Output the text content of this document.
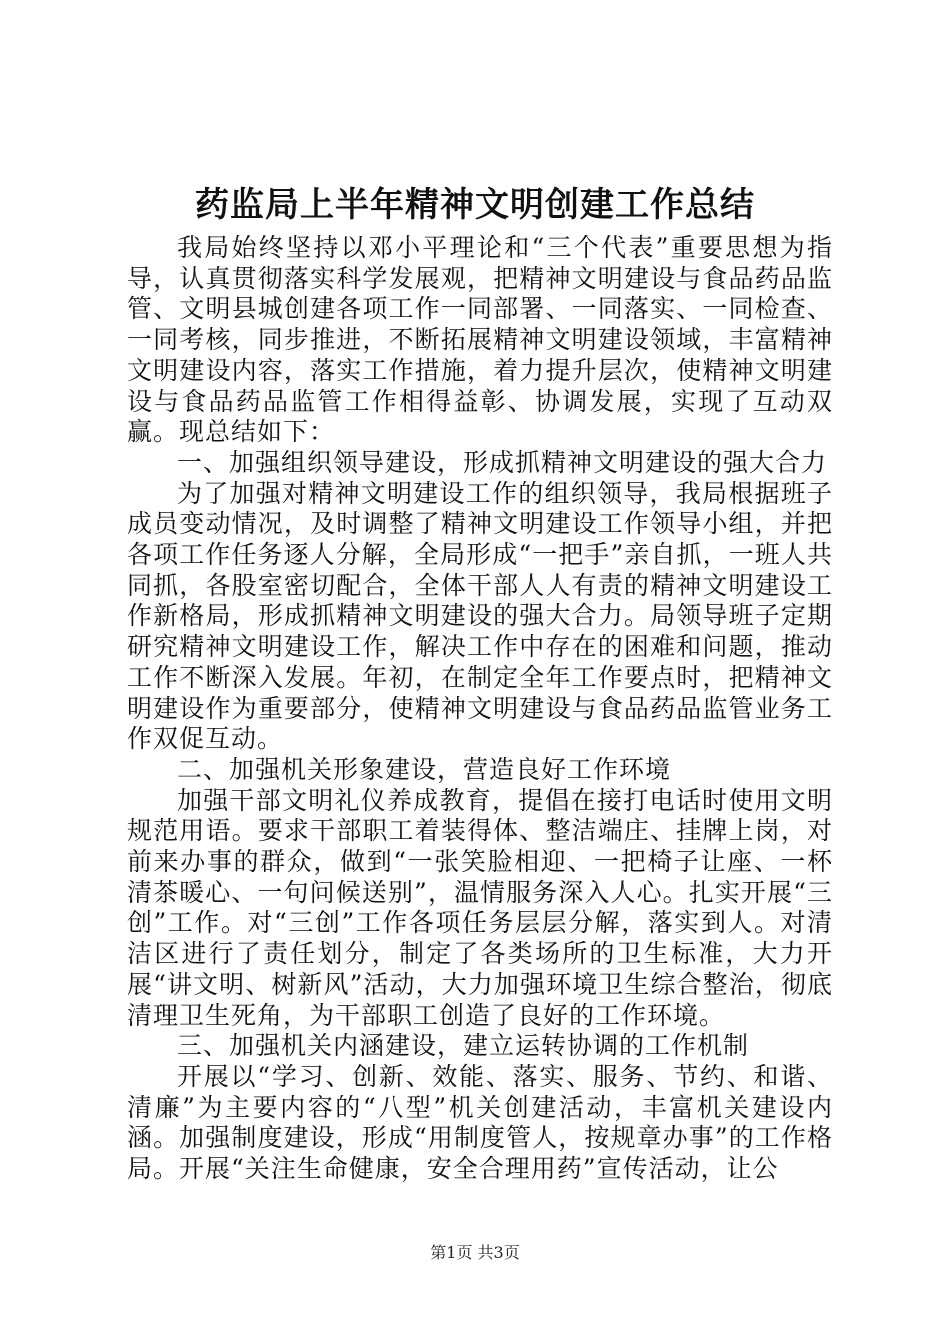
药监局上半年精神文明创建工作总结

我局始终坚持以邓小平理论和“三个代表”重要思想为指导，认真贯彻落实科学发展观，把精神文明建设与食品药品监管、文明县城创建各项工作一同部署、一同落实、一同检查、一同考核，同步推进，不断拓展精神文明建设领域，丰富精神文明建设内容，落实工作措施，着力提升层次，使精神文明建设与食品药品监管工作相得益彰、协调发展，实现了互动双赢。现总结如下：

一、加强组织领导建设，形成抓精神文明建设的强大合力

为了加强对精神文明建设工作的组织领导，我局根据班子成员变动情况，及时调整了精神文明建设工作领导小组，并把各项工作任务逐人分解，全局形成“一把手”亲自抓，一班人共同抓，各股室密切配合，全体干部人人有责的精神文明建设工作新格局，形成抓精神文明建设的强大合力。局领导班子定期研究精神文明建设工作，解决工作中存在的困难和问题，推动工作不断深入发展。年初，在制定全年工作要点时，把精神文明建设作为重要部分，使精神文明建设与食品药品监管业务工作双促互动。

二、加强机关形象建设，营造良好工作环境

加强干部文明礼仪养成教育，提倡在接打电话时使用文明规范用语。要求干部职工着装得体、整洁端庄、挂牌上岗，对前来办事的群众，做到“一张笑脸相迎、一把椅子让座、一杯清茶暖心、一句问候送别”，温情服务深入人心。扎实开展“三创”工作。对“三创”工作各项任务层层分解，落实到人。对清洁区进行了责任划分，制定了各类场所的卫生标准，大力开展“讲文明、树新风”活动，大力加强环境卫生综合整治，彻底清理卫生死角，为干部职工创造了良好的工作环境。

三、加强机关内涵建设，建立运转协调的工作机制

开展以“学习、创新、效能、落实、服务、节约、和谐、清廉”为主要内容的“八型”机关创建活动，丰富机关建设内涵。加强制度建设，形成“用制度管人，按规章办事”的工作格局。开展“关注生命健康，安全合理用药”宣传活动，让公

第1页 共3页
